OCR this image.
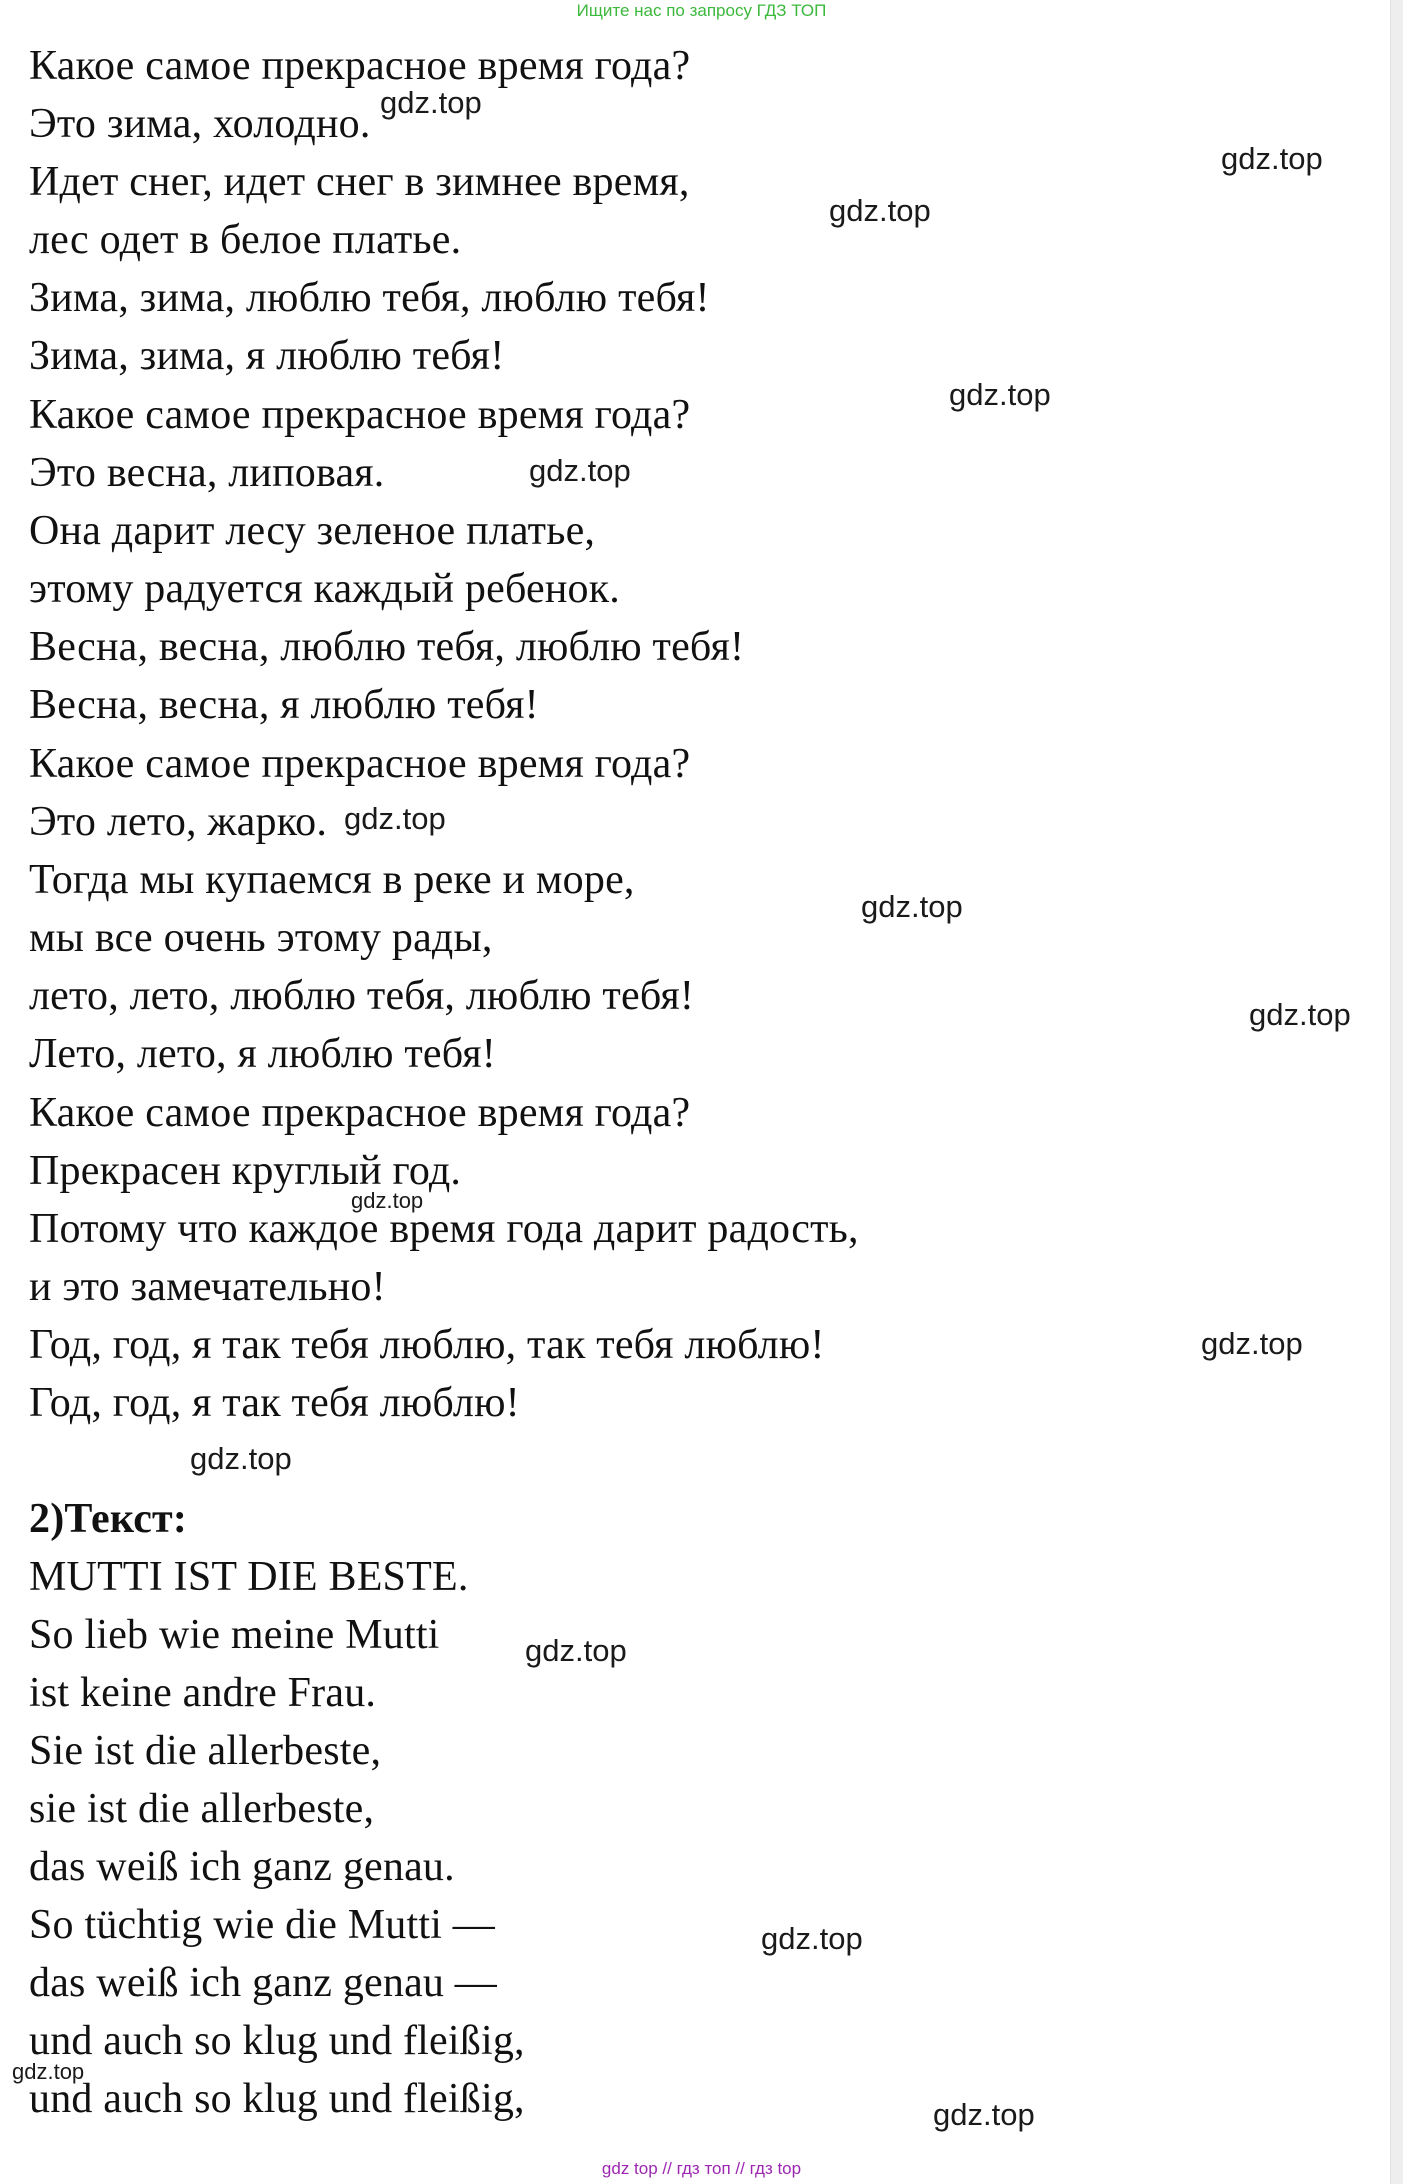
Ищите нас по запросу ГДЗ ТОП
Какое самое прекрасное время года?
Это зима, холодно.
Идет снег, идет снег в зимнее время,
лес одет в белое платье.
Зима, зима, люблю тебя, люблю тебя!
Зима, зима, я люблю тебя!
Какое самое прекрасное время года?
Это весна, липовая.
Она дарит лесу зеленое платье,
этому радуется каждый ребенок.
Весна, весна, люблю тебя, люблю тебя!
Весна, весна, я люблю тебя!
Какое самое прекрасное время года?
Это лето, жарко.
Тогда мы купаемся в реке и море,
мы все очень этому рады,
лето, лето, люблю тебя, люблю тебя!
Лето, лето, я люблю тебя!
Какое самое прекрасное время года?
Прекрасен круглый год.
Потому что каждое время года дарит радость,
и это замечательно!
Год, год, я так тебя люблю, так тебя люблю!
Год, год, я так тебя люблю!
2)Текст:
MUTTI IST DIE BESTE.
So lieb wie meine Mutti
ist keine andre Frau.
Sie ist die allerbeste,
sie ist die allerbeste,
das weiß ich ganz genau.
So tüchtig wie die Mutti —
das weiß ich ganz genau —
und auch so klug und fleißig,
und auch so klug und fleißig,
gdz.top
gdz.top
gdz.top
gdz.top
gdz.top
gdz.top
gdz.top
gdz.top
gdz.top
gdz.top
gdz.top
gdz.top
gdz.top
gdz.top
gdz.top
gdz top // гдз топ // гдз top
